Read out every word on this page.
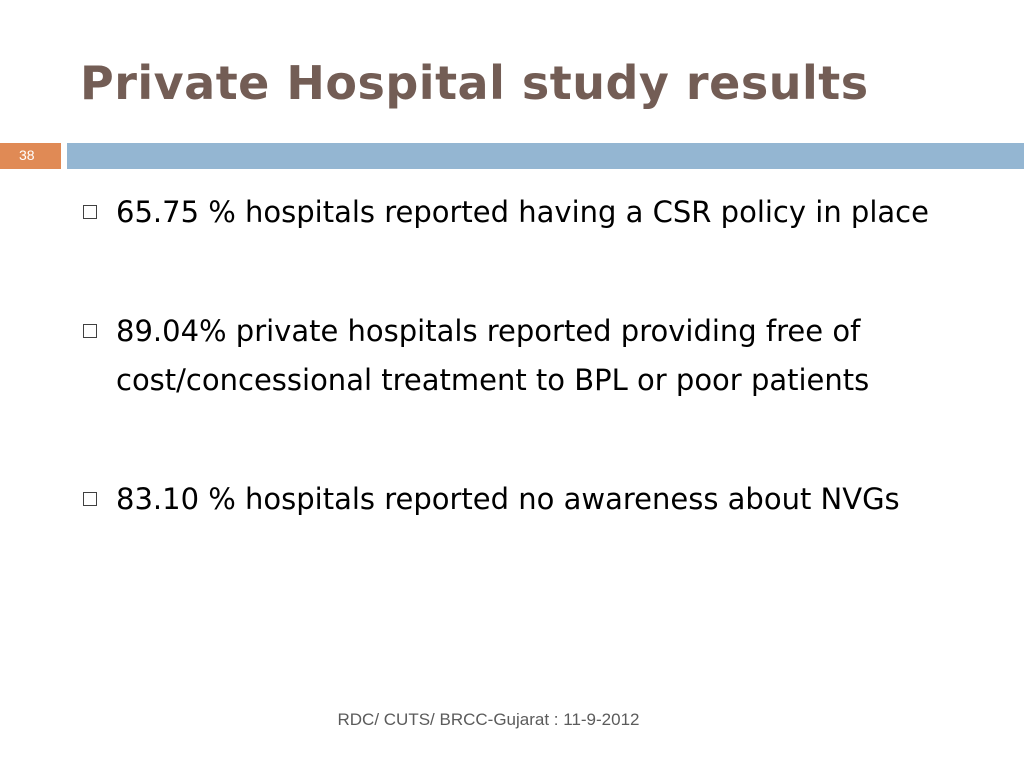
Private Hospital study results
38
65.75 % hospitals reported having a CSR policy in place
89.04% private hospitals reported providing free of cost/concessional treatment to BPL or poor patients
83.10 % hospitals reported no awareness about NVGs
RDC/ CUTS/ BRCC-Gujarat : 11-9-2012
